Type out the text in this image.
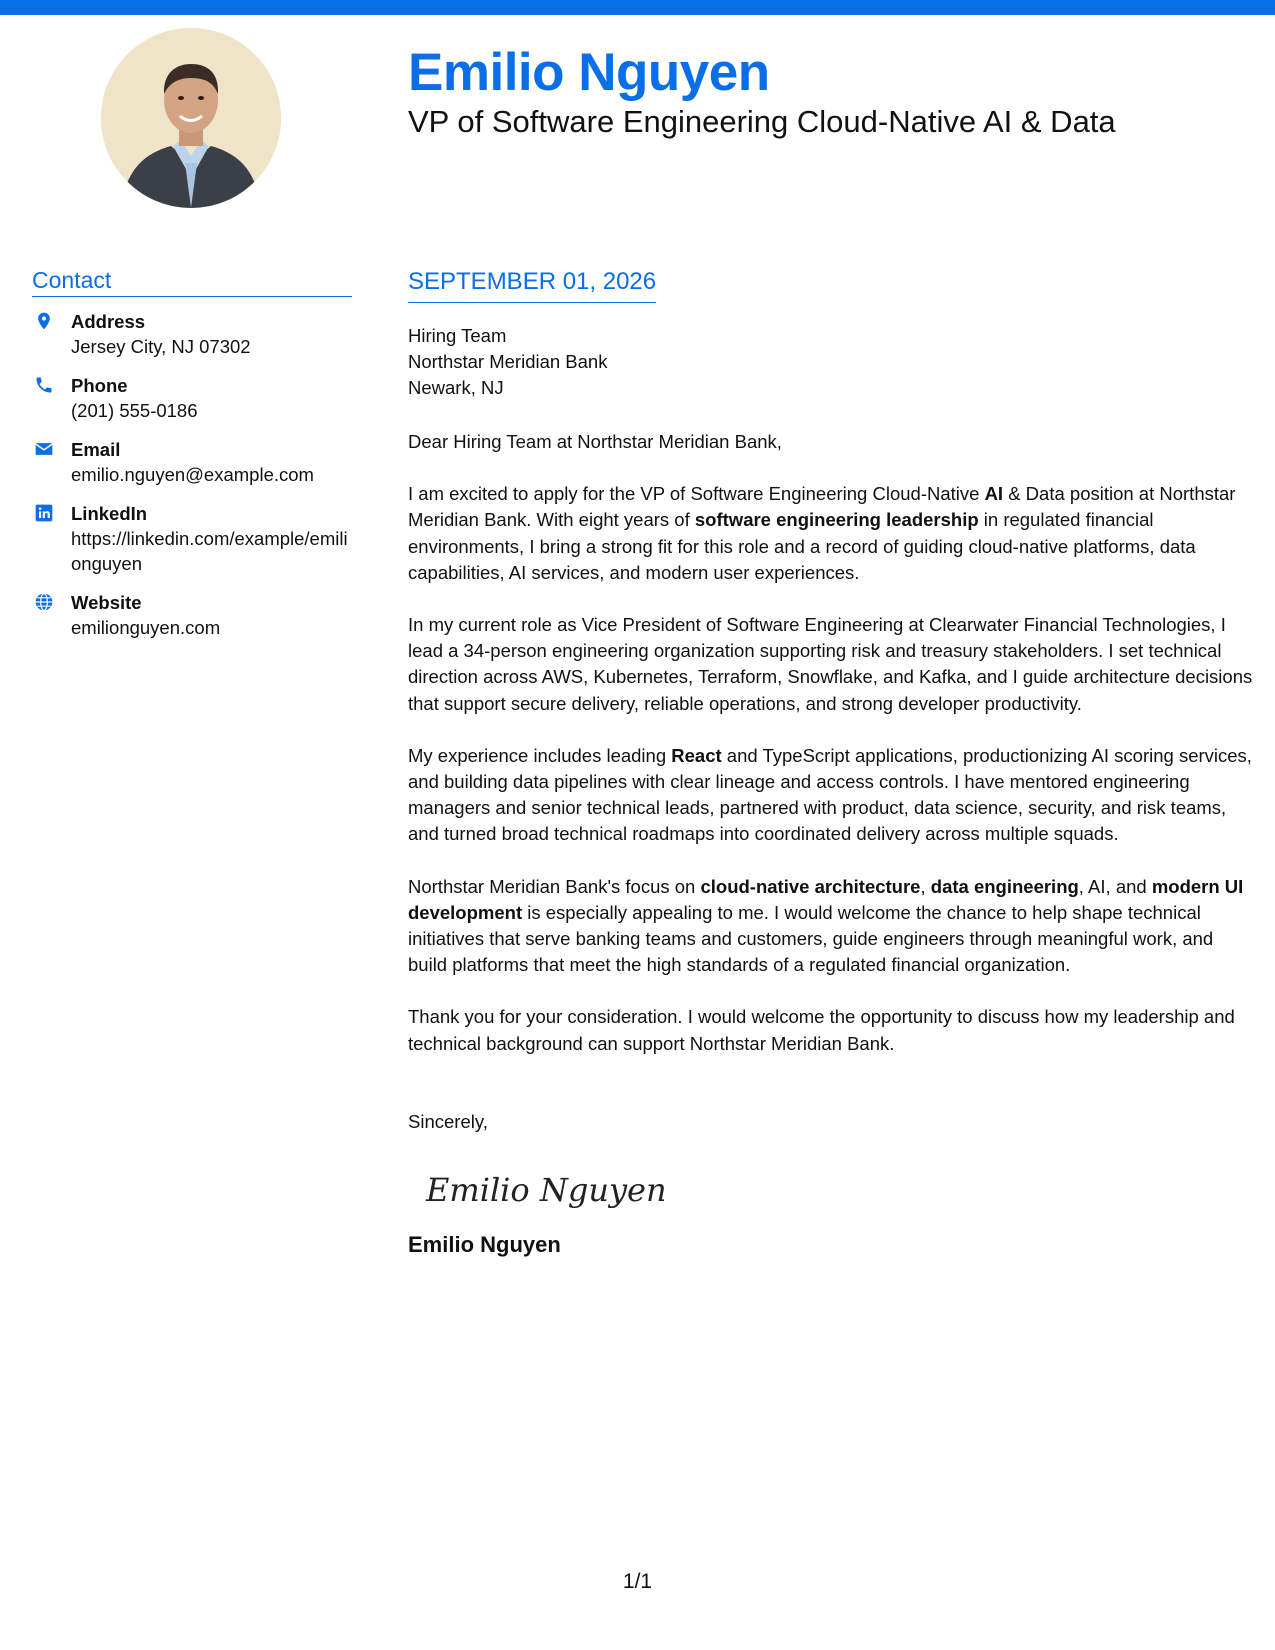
Emilio Nguyen
VP of Software Engineering Cloud-Native AI & Data
Contact
Address
Jersey City, NJ 07302
Phone
(201) 555-0186
Email
emilio.nguyen@example.com
LinkedIn
https://linkedin.com/example/emilionguyen
Website
emilionguyen.com
SEPTEMBER 01, 2026
Hiring Team
Northstar Meridian Bank
Newark, NJ
Dear Hiring Team at Northstar Meridian Bank,

I am excited to apply for the VP of Software Engineering Cloud-Native AI & Data position at Northstar Meridian Bank. With eight years of software engineering leadership in regulated financial environments, I bring a strong fit for this role and a record of guiding cloud-native platforms, data capabilities, AI services, and modern user experiences.

In my current role as Vice President of Software Engineering at Clearwater Financial Technologies, I lead a 34-person engineering organization supporting risk and treasury stakeholders. I set technical direction across AWS, Kubernetes, Terraform, Snowflake, and Kafka, and I guide architecture decisions that support secure delivery, reliable operations, and strong developer productivity.

My experience includes leading React and TypeScript applications, productionizing AI scoring services, and building data pipelines with clear lineage and access controls. I have mentored engineering managers and senior technical leads, partnered with product, data science, security, and risk teams, and turned broad technical roadmaps into coordinated delivery across multiple squads.

Northstar Meridian Bank's focus on cloud-native architecture, data engineering, AI, and modern UI development is especially appealing to me. I would welcome the chance to help shape technical initiatives that serve banking teams and customers, guide engineers through meaningful work, and build platforms that meet the high standards of a regulated financial organization.

Thank you for your consideration. I would welcome the opportunity to discuss how my leadership and technical background can support Northstar Meridian Bank.

Sincerely,
Emilio Nguyen
Emilio Nguyen
1/1
